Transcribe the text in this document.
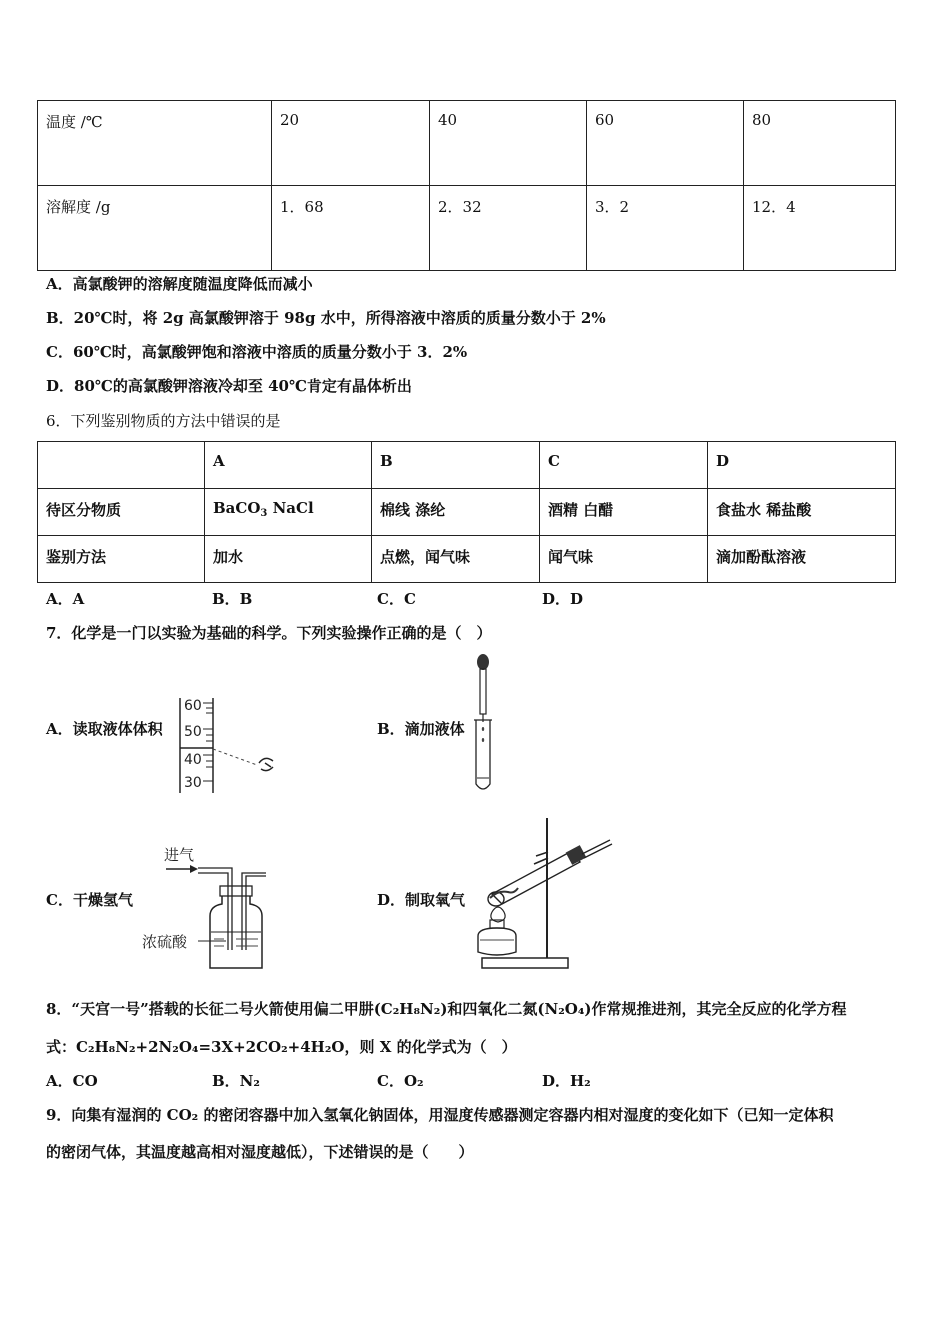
温度 /℃	20	40	60	80

溶解度 /g	1．68	2．32	3．2	12．4
A．高氯酸钾的溶解度随温度降低而减小
B．20℃时，将 2g 高氯酸钾溶于 98g 水中，所得溶液中溶质的质量分数小于 2%
C．60℃时，高氯酸钾饱和溶液中溶质的质量分数小于 3．2%
D．80℃的高氯酸钾溶液冷却至 40℃肯定有晶体析出
6．下列鉴别物质的方法中错误的是

	A	B	C	D

待区分物质	BaCO$_3$ NaCl	棉线 涤纶	酒精 白醋	食盐水 稀盐酸

鉴别方法	加水	点燃，闻气味	闻气味	滴加酚酞溶液
A．A	B．B	C．C	D．D
7．化学是一门以实验为基础的科学。下列实验操作正确的是（　）
A．读取液体体积	B．滴加液体
C．干燥氢气	D．制取氧气
60
50
40
30
进气
浓硫酸
8．“天宫一号”搭载的长征二号火箭使用偏二甲肼(C₂H₈N₂)和四氧化二氮(N₂O₄)作常规推进剂，其完全反应的化学方程
式：C₂H₈N₂+2N₂O₄=3X+2CO₂+4H₂O，则 X 的化学式为（　）
A．CO	B．N₂	C．O₂	D．H₂
9．向集有湿润的 CO₂ 的密闭容器中加入氢氧化钠固体，用湿度传感器测定容器内相对湿度的变化如下（已知一定体积
的密闭气体，其温度越高相对湿度越低），下述错误的是（　　）
